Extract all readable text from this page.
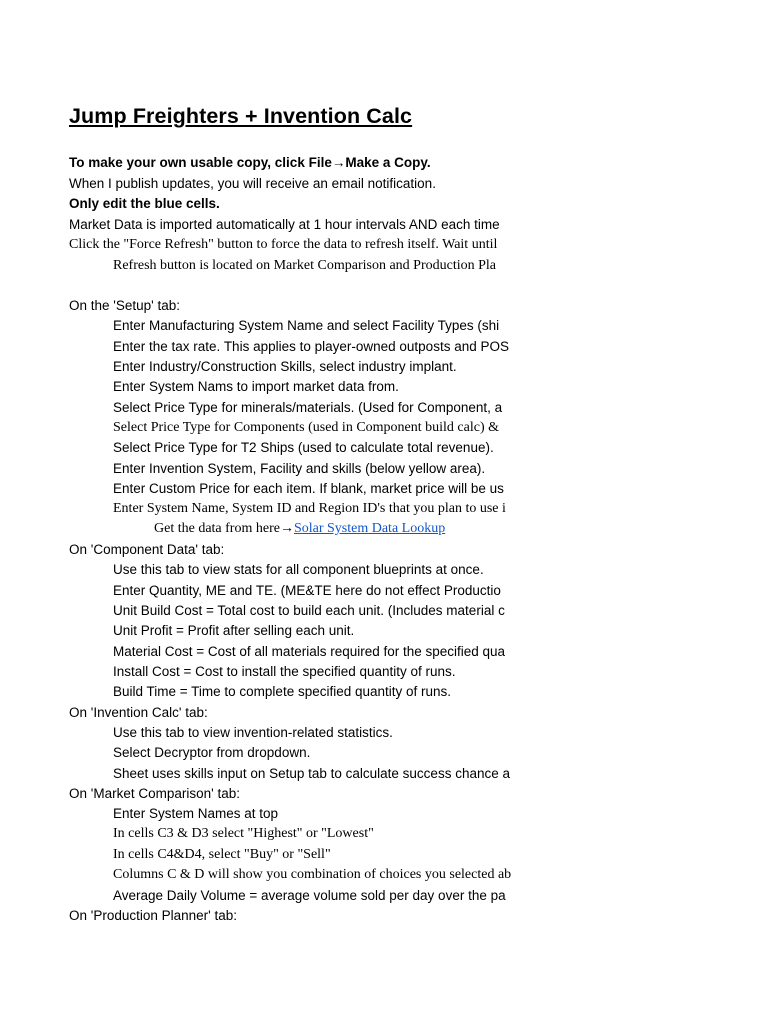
Jump Freighters + Invention Calc
To make your own usable copy, click File→Make a Copy.
When I publish updates, you will receive an email notification.
Only edit the blue cells.
Market Data is imported automatically at 1 hour intervals AND each time
Click the "Force Refresh" button to force the data to refresh itself. Wait until
Refresh button is located on Market Comparison and Production Pla
On the 'Setup' tab:
Enter Manufacturing System Name and select Facility Types (shi
Enter the tax rate. This applies to player-owned outposts and POS
Enter Industry/Construction Skills, select industry implant.
Enter System Nams to import market data from.
Select Price Type for minerals/materials. (Used for Component, a
Select Price Type for Components (used in Component build calc) &
Select Price Type for T2 Ships (used to calculate total revenue).
Enter Invention System, Facility and skills (below yellow area).
Enter Custom Price for each item. If blank, market price will be us
Enter System Name, System ID and Region ID's that you plan to use i
Get the data from here→Solar System Data Lookup
On 'Component Data' tab:
Use this tab to view stats for all component blueprints at once.
Enter Quantity, ME and TE. (ME&TE here do not effect Productio
Unit Build Cost = Total cost to build each unit. (Includes material c
Unit Profit = Profit after selling each unit.
Material Cost = Cost of all materials required for the specified qua
Install Cost = Cost to install the specified quantity of runs.
Build Time = Time to complete specified quantity of runs.
On 'Invention Calc' tab:
Use this tab to view invention-related statistics.
Select Decryptor from dropdown.
Sheet uses skills input on Setup tab to calculate success chance a
On 'Market Comparison' tab:
Enter System Names at top
In cells C3 & D3 select "Highest" or "Lowest"
In cells C4&D4, select "Buy" or "Sell"
Columns C & D will show you combination of choices you selected ab
Average Daily Volume = average volume sold per day over the pa
On 'Production Planner' tab:
